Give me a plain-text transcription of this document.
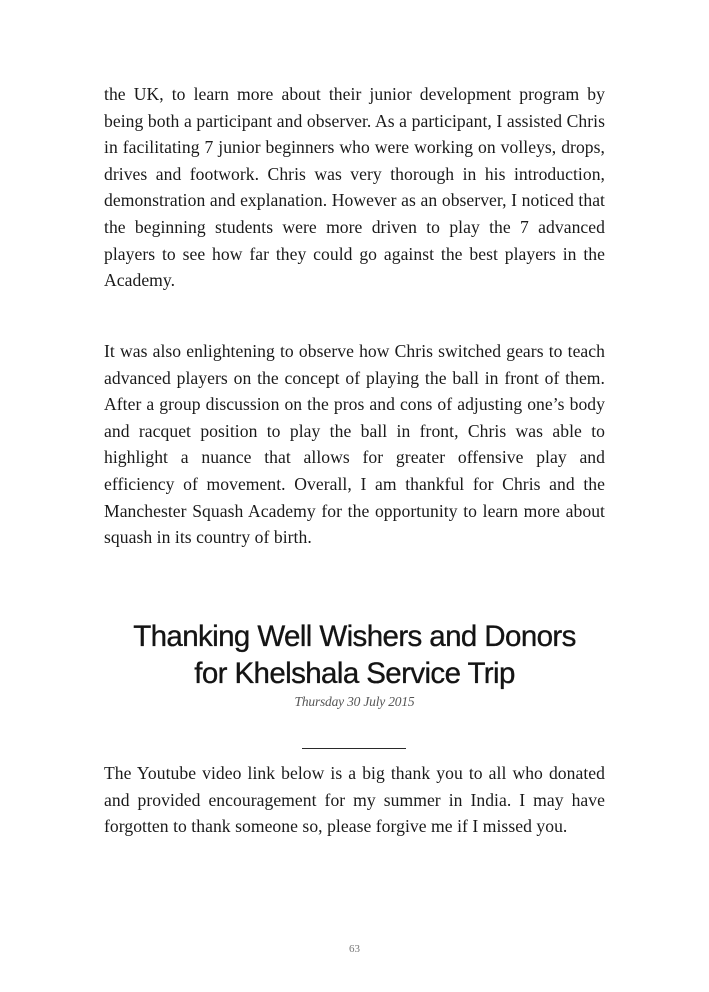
the UK, to learn more about their junior development program by being both a participant and observer. As a participant, I assisted Chris in facilitating 7 junior beginners who were working on volleys, drops, drives and footwork. Chris was very thorough in his introduction, demonstration and explanation. However as an observer, I noticed that the beginning students were more driven to play the 7 advanced players to see how far they could go against the best players in the Academy.

It was also enlightening to observe how Chris switched gears to teach advanced players on the concept of playing the ball in front of them. After a group discussion on the pros and cons of adjusting one’s body and racquet position to play the ball in front, Chris was able to highlight a nuance that allows for greater offensive play and efficiency of movement. Overall, I am thankful for Chris and the Manchester Squash Academy for the opportunity to learn more about squash in its country of birth.

Thanking Well Wishers and Donors
for Khelshala Service Trip
Thursday 30 July 2015

The Youtube video link below is a big thank you to all who donated and provided encouragement for my summer in India. I may have forgotten to thank someone so, please forgive me if I missed you.

63
